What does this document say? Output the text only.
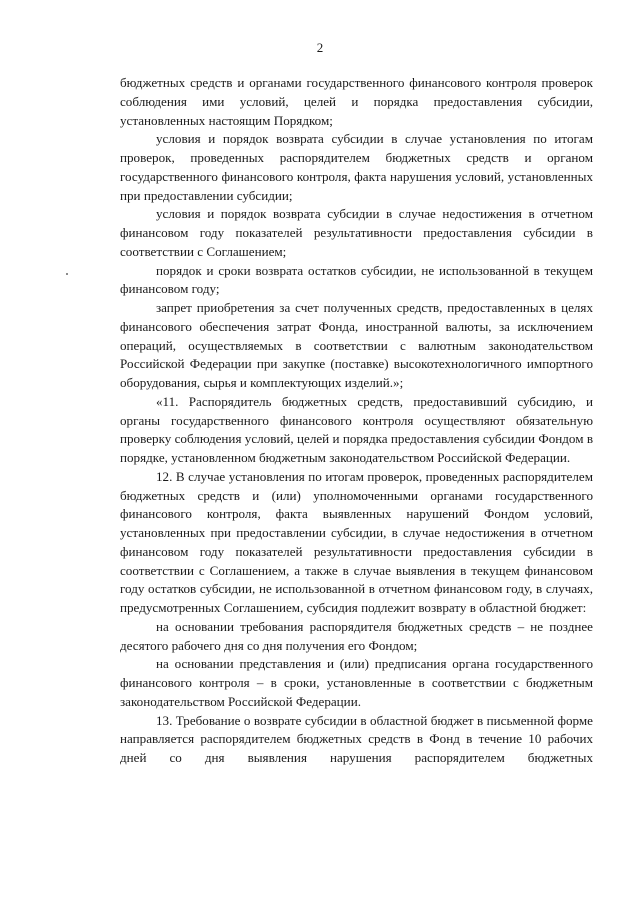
2

бюджетных средств и органами государственного финансового контроля проверок соблюдения ими условий, целей и порядка предоставления субсидии, установленных настоящим Порядком;

условия и порядок возврата субсидии в случае установления по итогам проверок, проведенных распорядителем бюджетных средств и органом государственного финансового контроля, факта нарушения условий, установленных при предоставлении субсидии;

условия и порядок возврата субсидии в случае недостижения в отчетном финансовом году показателей результативности предоставления субсидии в соответствии с Соглашением;

порядок и сроки возврата остатков субсидии, не использованной в текущем финансовом году;

запрет приобретения за счет полученных средств, предоставленных в целях финансового обеспечения затрат Фонда, иностранной валюты, за исключением операций, осуществляемых в соответствии с валютным законодательством Российской Федерации при закупке (поставке) высокотехнологичного импортного оборудования, сырья и комплектующих изделий.»;

«11. Распорядитель бюджетных средств, предоставивший субсидию, и органы государственного финансового контроля осуществляют обязательную проверку соблюдения условий, целей и порядка предоставления субсидии Фондом в порядке, установленном бюджетным законодательством Российской Федерации.

12. В случае установления по итогам проверок, проведенных распорядителем бюджетных средств и (или) уполномоченными органами государственного финансового контроля, факта выявленных нарушений Фондом условий, установленных при предоставлении субсидии, в случае недостижения в отчетном финансовом году показателей результативности предоставления субсидии в соответствии с Соглашением, а также в случае выявления в текущем финансовом году остатков субсидии, не использованной в отчетном финансовом году, в случаях, предусмотренных Соглашением, субсидия подлежит возврату в областной бюджет:

на основании требования распорядителя бюджетных средств – не позднее десятого рабочего дня со дня получения его Фондом;

на основании представления и (или) предписания органа государственного финансового контроля – в сроки, установленные в соответствии с бюджетным законодательством Российской Федерации.

13. Требование о возврате субсидии в областной бюджет в письменной форме направляется распорядителем бюджетных средств в Фонд в течение 10 рабочих дней со дня выявления нарушения распорядителем бюджетных
